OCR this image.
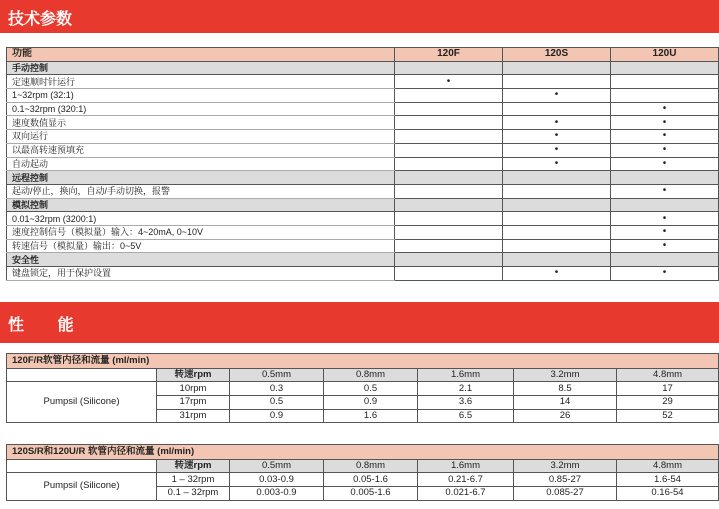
技术参数
功能	120F	120S	120U
手动控制			
定速顺时针运行	•		
1~32rpm (32:1)		•	
0.1~32rpm (320:1)			•
速度数值显示		•	•
双向运行		•	•
以最高转速预填充		•	•
自动起动		•	•
远程控制			
起动/停止，换向，自动/手动切换，报警			•
模拟控制			
0.01~32rpm (3200:1)			•
速度控制信号（模拟量）输入：4~20mA, 0~10V			•
转速信号（模拟量）输出：0~5V			•
安全性			
键盘锁定，用于保护设置		•	•
性 能
120F/R软管内径和流量 (ml/min)						
	转速rpm	0.5mm	0.8mm	1.6mm	3.2mm	4.8mm
Pumpsil (Silicone)	10rpm	0.3	0.5	2.1	8.5	17
	17rpm	0.5	0.9	3.6	14	29
	31rpm	0.9	1.6	6.5	26	52
120S/R和120U/R 软管内径和流量 (ml/min)						
	转速rpm	0.5mm	0.8mm	1.6mm	3.2mm	4.8mm
Pumpsil (Silicone)	1 – 32rpm	0.03-0.9	0.05-1.6	0.21-6.7	0.85-27	1.6-54
	0.1 – 32rpm	0.003-0.9	0.005-1.6	0.021-6.7	0.085-27	0.16-54
